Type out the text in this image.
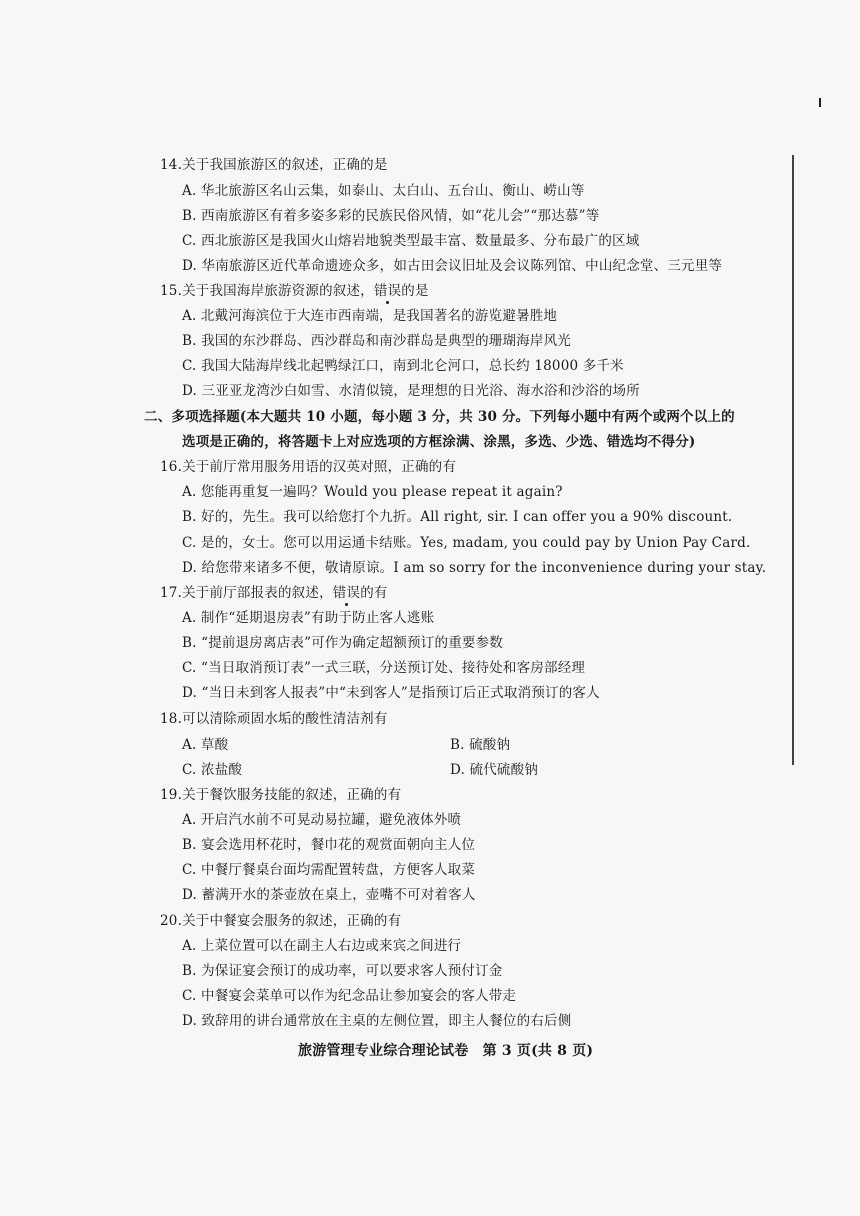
14.关于我国旅游区的叙述，正确的是
A. 华北旅游区名山云集，如泰山、太白山、五台山、衡山、崂山等
B. 西南旅游区有着多姿多彩的民族民俗风情，如“花儿会”“那达慕”等
C. 西北旅游区是我国火山熔岩地貌类型最丰富、数量最多、分布最广的区域
D. 华南旅游区近代革命遗迹众多，如古田会议旧址及会议陈列馆、中山纪念堂、三元里等
15.关于我国海岸旅游资源的叙述，错误的是
A. 北戴河海滨位于大连市西南端，是我国著名的游览避暑胜地
B. 我国的东沙群岛、西沙群岛和南沙群岛是典型的珊瑚海岸风光
C. 我国大陆海岸线北起鸭绿江口，南到北仑河口，总长约 18000 多千米
D. 三亚亚龙湾沙白如雪、水清似镜，是理想的日光浴、海水浴和沙浴的场所
二、多项选择题(本大题共 10 小题，每小题 3 分，共 30 分。下列每小题中有两个或两个以上的
选项是正确的，将答题卡上对应选项的方框涂满、涂黑，多选、少选、错选均不得分)
16.关于前厅常用服务用语的汉英对照，正确的有
A. 您能再重复一遍吗？Would you please repeat it again?
B. 好的，先生。我可以给您打个九折。All right, sir. I can offer you a 90% discount.
C. 是的，女士。您可以用运通卡结账。Yes, madam, you could pay by Union Pay Card.
D. 给您带来诸多不便，敬请原谅。I am so sorry for the inconvenience during your stay.
17.关于前厅部报表的叙述，错误的有
A. 制作“延期退房表”有助于防止客人逃账
B. “提前退房离店表”可作为确定超额预订的重要参数
C. “当日取消预订表”一式三联，分送预订处、接待处和客房部经理
D. “当日未到客人报表”中“未到客人”是指预订后正式取消预订的客人
18.可以清除顽固水垢的酸性清洁剂有
A. 草酸	B. 硫酸钠
C. 浓盐酸	D. 硫代硫酸钠
19.关于餐饮服务技能的叙述，正确的有
A. 开启汽水前不可晃动易拉罐，避免液体外喷
B. 宴会选用杯花时，餐巾花的观赏面朝向主人位
C. 中餐厅餐桌台面均需配置转盘，方便客人取菜
D. 蓄满开水的茶壶放在桌上，壶嘴不可对着客人
20.关于中餐宴会服务的叙述，正确的有
A. 上菜位置可以在副主人右边或来宾之间进行
B. 为保证宴会预订的成功率，可以要求客人预付订金
C. 中餐宴会菜单可以作为纪念品让参加宴会的客人带走
D. 致辞用的讲台通常放在主桌的左侧位置，即主人餐位的右后侧
旅游管理专业综合理论试卷　第 3 页(共 8 页)
